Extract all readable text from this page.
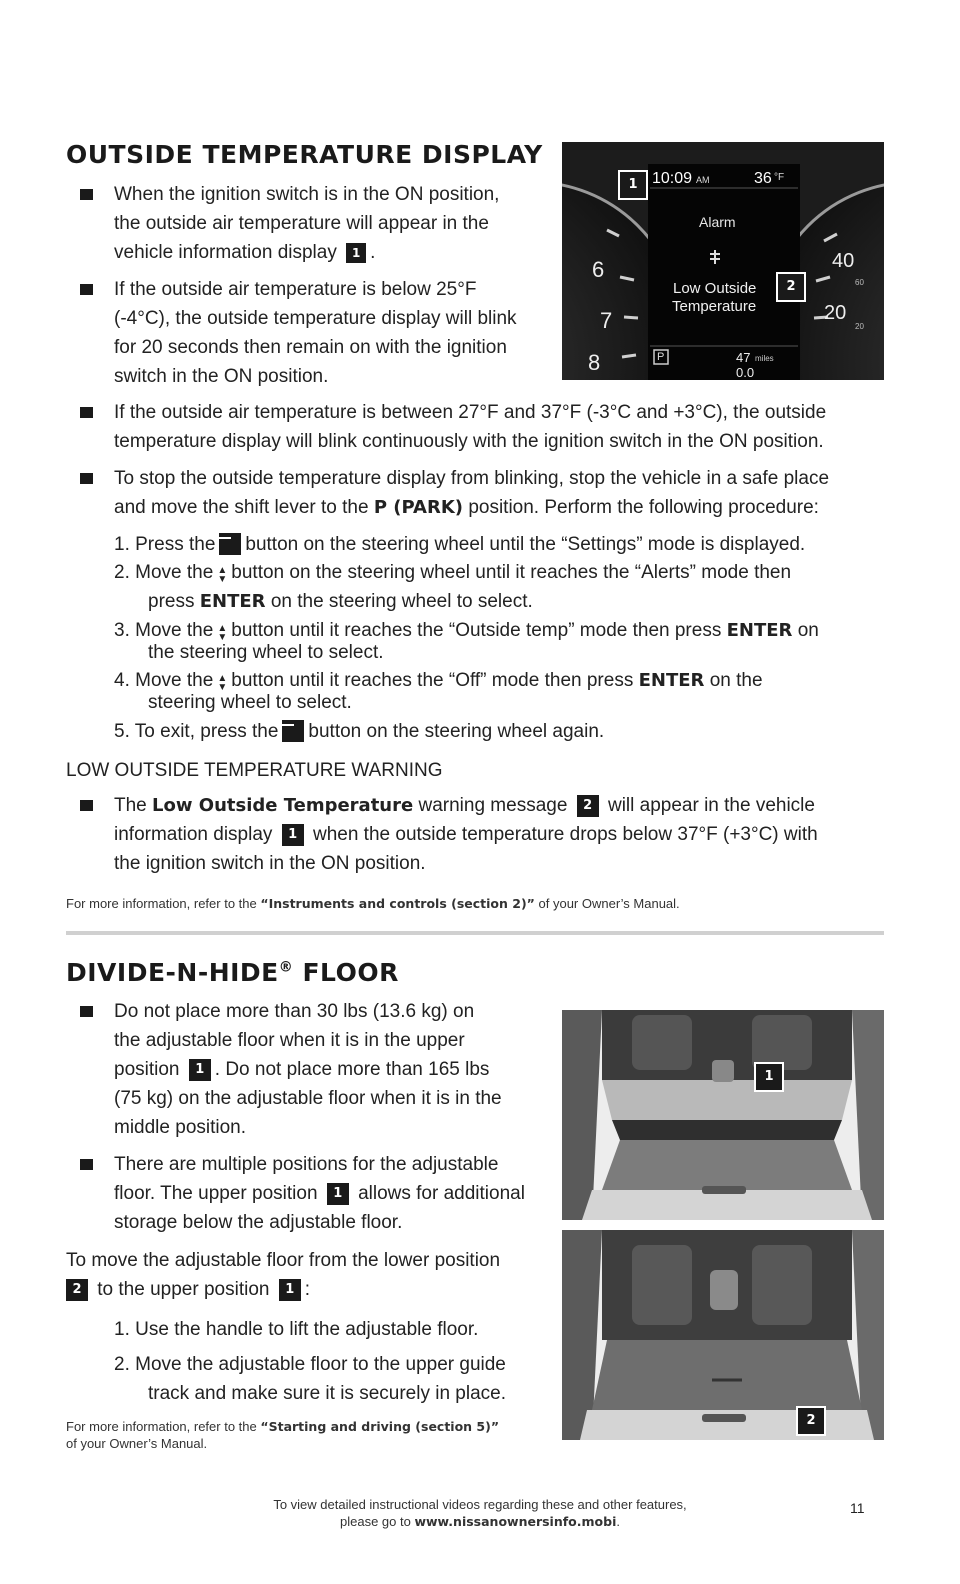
OUTSIDE TEMPERATURE DISPLAY
When the ignition switch is in the ON position,
the outside air temperature will appear in the
vehicle information display 1 .
If the outside air temperature is below 25°F
(-4°C), the outside temperature display will blink
for 20 seconds then remain on with the ignition
switch in the ON position.
10:09 AM	36 °F
Alarm
Low Outside
Temperature
P	47 miles
0.0
6
7
8
40
20
60
20
1
2
If the outside air temperature is between 27°F and 37°F (-3°C and +3°C), the outside
temperature display will blink continuously with the ignition switch in the ON position.
To stop the outside temperature display from blinking, stop the vehicle in a safe place
and move the shift lever to the P (PARK) position. Perform the following procedure:
1. Press the button on the steering wheel until the “Settings” mode is displayed.
2. Move the ▲
▼ button on the steering wheel until it reaches the “Alerts” mode then
press ENTER on the steering wheel to select.
3. Move the ▲
▼ button until it reaches the “Outside temp” mode then press ENTER on
the steering wheel to select.
4. Move the ▲
▼ button until it reaches the “Off” mode then press ENTER on the
steering wheel to select.
5. To exit, press the button on the steering wheel again.
LOW OUTSIDE TEMPERATURE WARNING
The Low Outside Temperature warning message 2 will appear in the vehicle
information display 1 when the outside temperature drops below 37°F (+3°C) with
the ignition switch in the ON position.
For more information, refer to the “Instruments and controls (section 2)” of your Owner’s Manual.
DIVIDE-N-HIDE® FLOOR
Do not place more than 30 lbs (13.6 kg) on
the adjustable floor when it is in the upper
position 1 . Do not place more than 165 lbs
(75 kg) on the adjustable floor when it is in the
middle position.
There are multiple positions for the adjustable
floor. The upper position 1 allows for additional
storage below the adjustable floor.
To move the adjustable floor from the lower position
2 to the upper position 1 :
1. Use the handle to lift the adjustable floor.
2. Move the adjustable floor to the upper guide
track and make sure it is securely in place.
For more information, refer to the “Starting and driving (section 5)”
of your Owner’s Manual.
1
2
To view detailed instructional videos regarding these and other features,
please go to www.nissanownersinfo.mobi.
11
